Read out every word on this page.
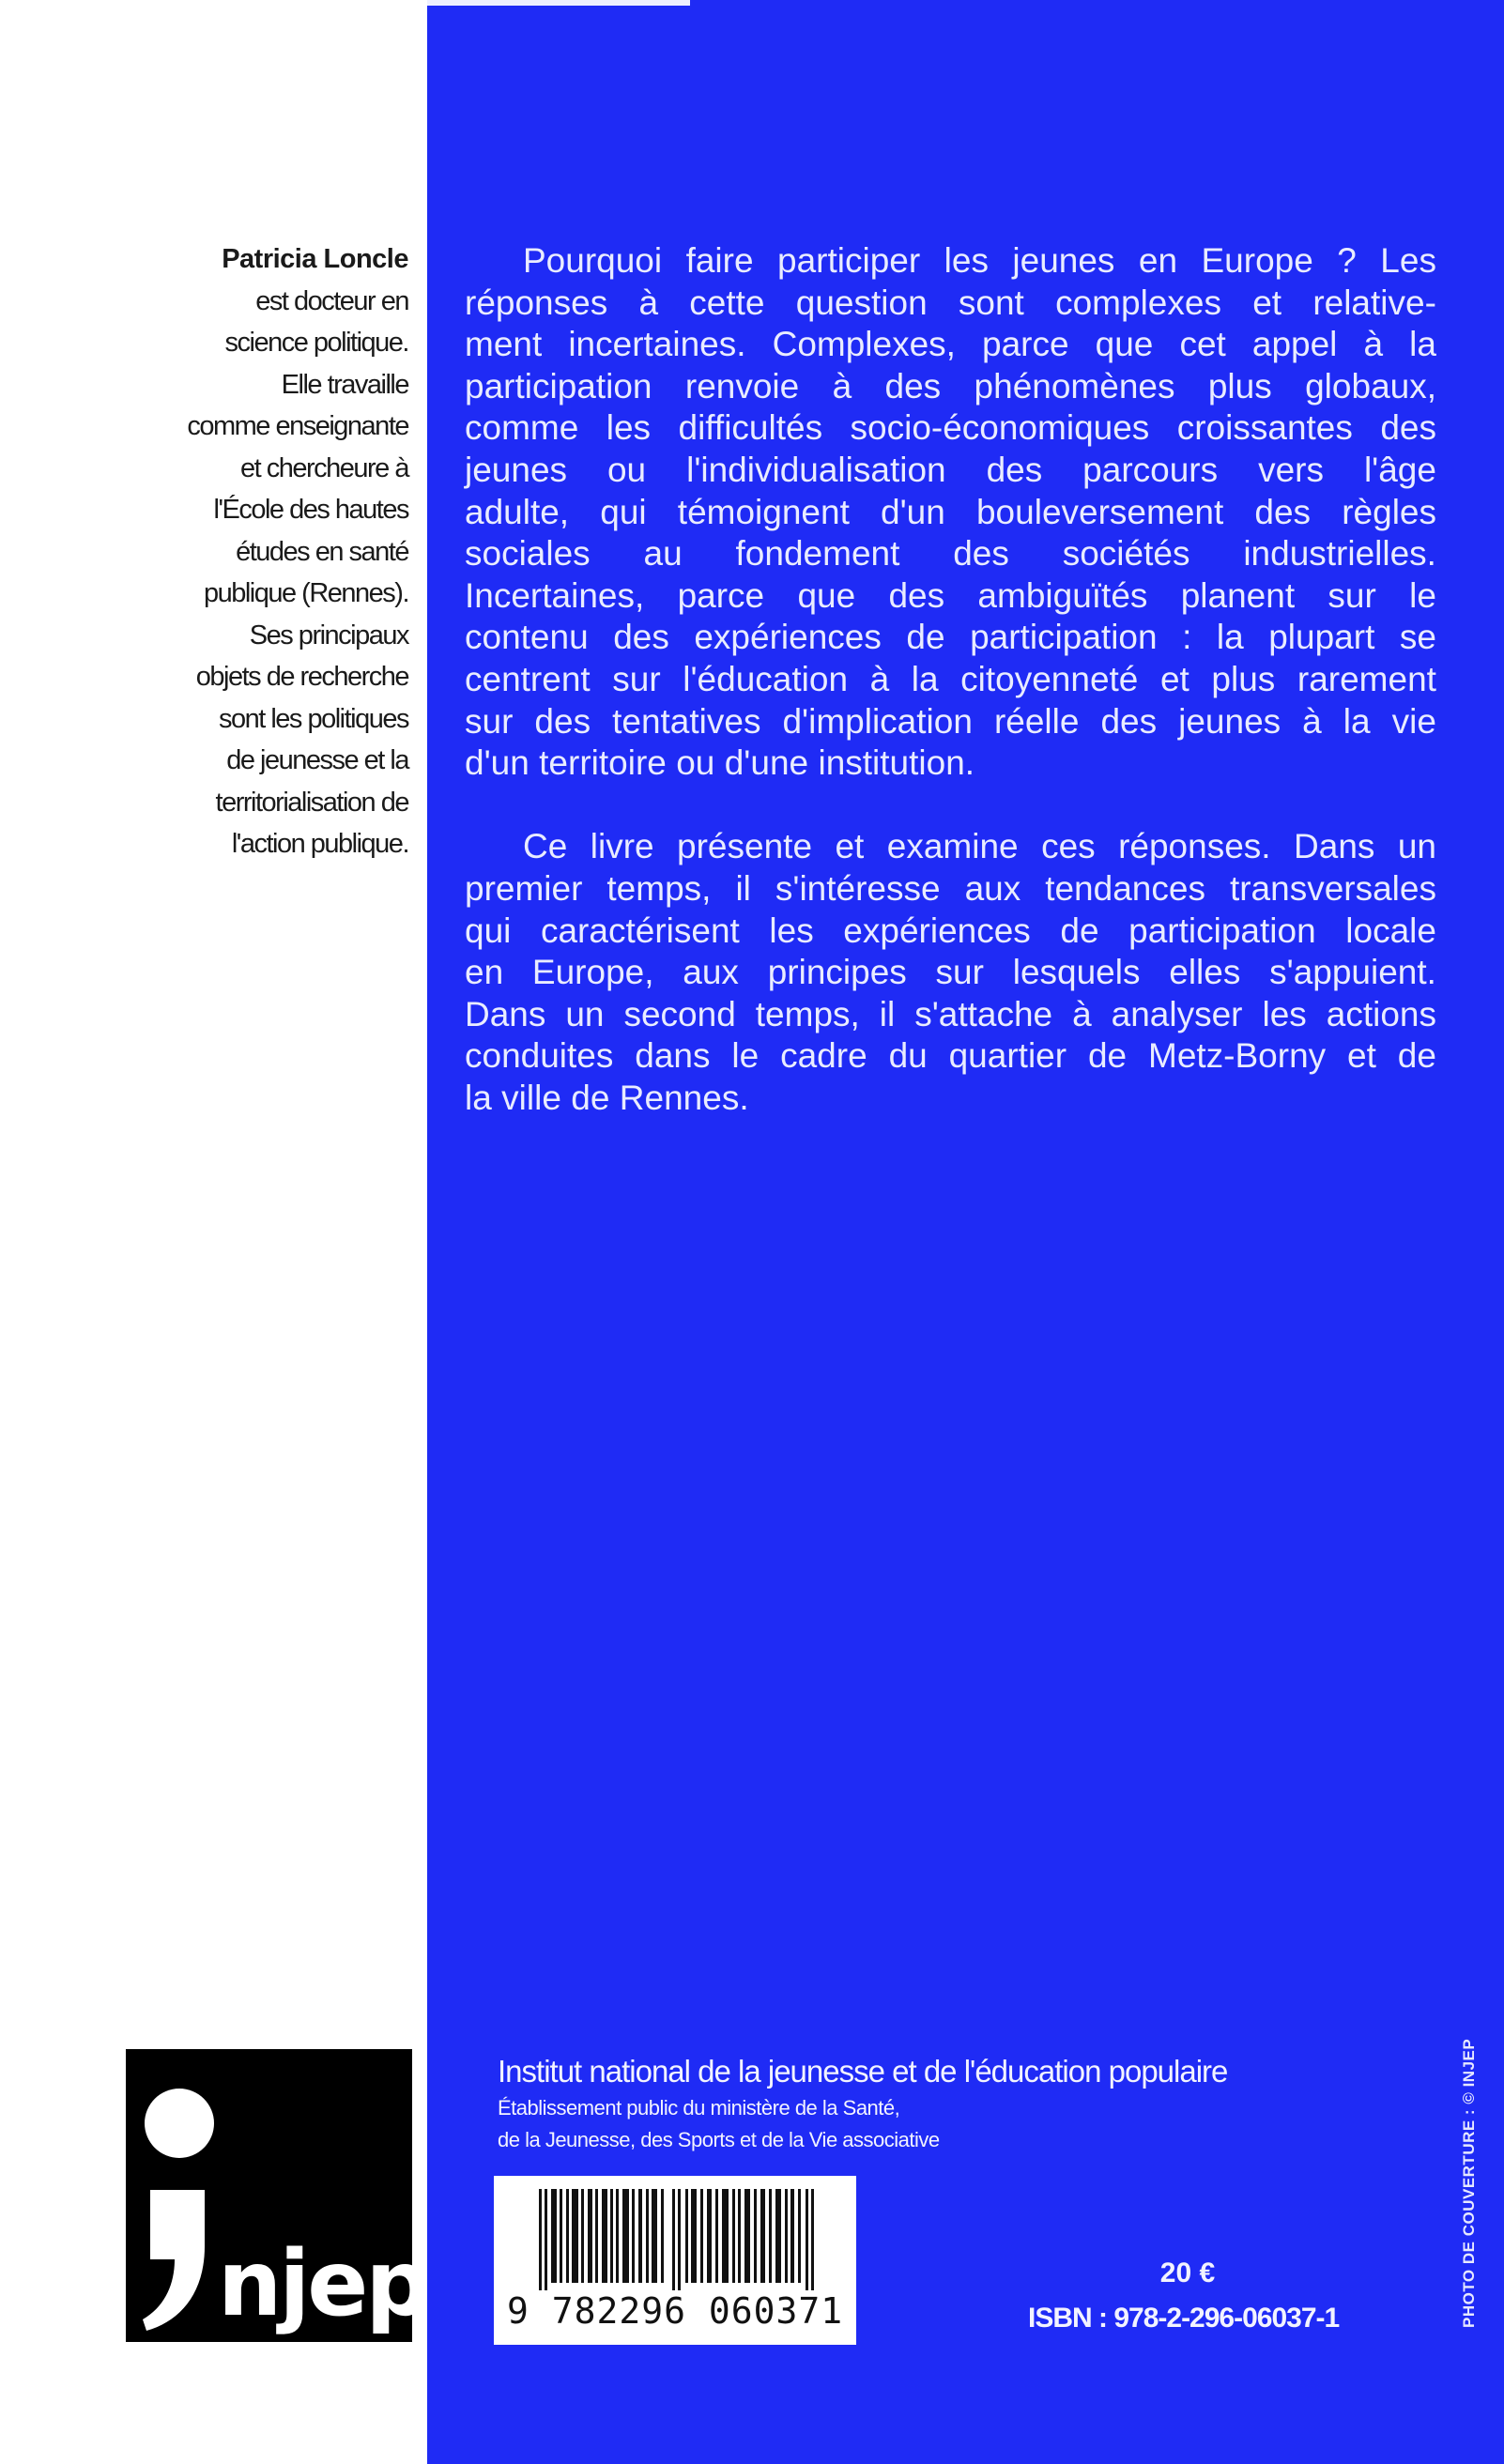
Patricia Loncle
est docteur en
science politique.
Elle travaille
comme enseignante
et chercheure à
l'École des hautes
études en santé
publique (Rennes).
Ses principaux
objets de recherche
sont les politiques
de jeunesse et la
territorialisation de
l'action publique.
njep
Pourquoi faire participer les jeunes en Europe ? Les
réponses à cette question sont complexes et relative-
ment incertaines. Complexes, parce que cet appel à la
participation renvoie à des phénomènes plus globaux,
comme les difficultés socio-économiques croissantes des
jeunes ou l'individualisation des parcours vers l'âge
adulte, qui témoignent d'un bouleversement des règles
sociales au fondement des sociétés industrielles.
Incertaines, parce que des ambiguïtés planent sur le
contenu des expériences de participation : la plupart se
centrent sur l'éducation à la citoyenneté et plus rarement
sur des tentatives d'implication réelle des jeunes à la vie
d'un territoire ou d'une institution.
Ce livre présente et examine ces réponses. Dans un
premier temps, il s'intéresse aux tendances transversales
qui caractérisent les expériences de participation locale
en Europe, aux principes sur lesquels elles s'appuient.
Dans un second temps, il s'attache à analyser les actions
conduites dans le cadre du quartier de Metz-Borny et de
la ville de Rennes.
Institut national de la jeunesse et de l'éducation populaire
Établissement public du ministère de la Santé,
de la Jeunesse, des Sports et de la Vie associative
9 782296 060371
20 €
ISBN : 978-2-296-06037-1	PHOTO DE COUVERTURE : © INJEP
